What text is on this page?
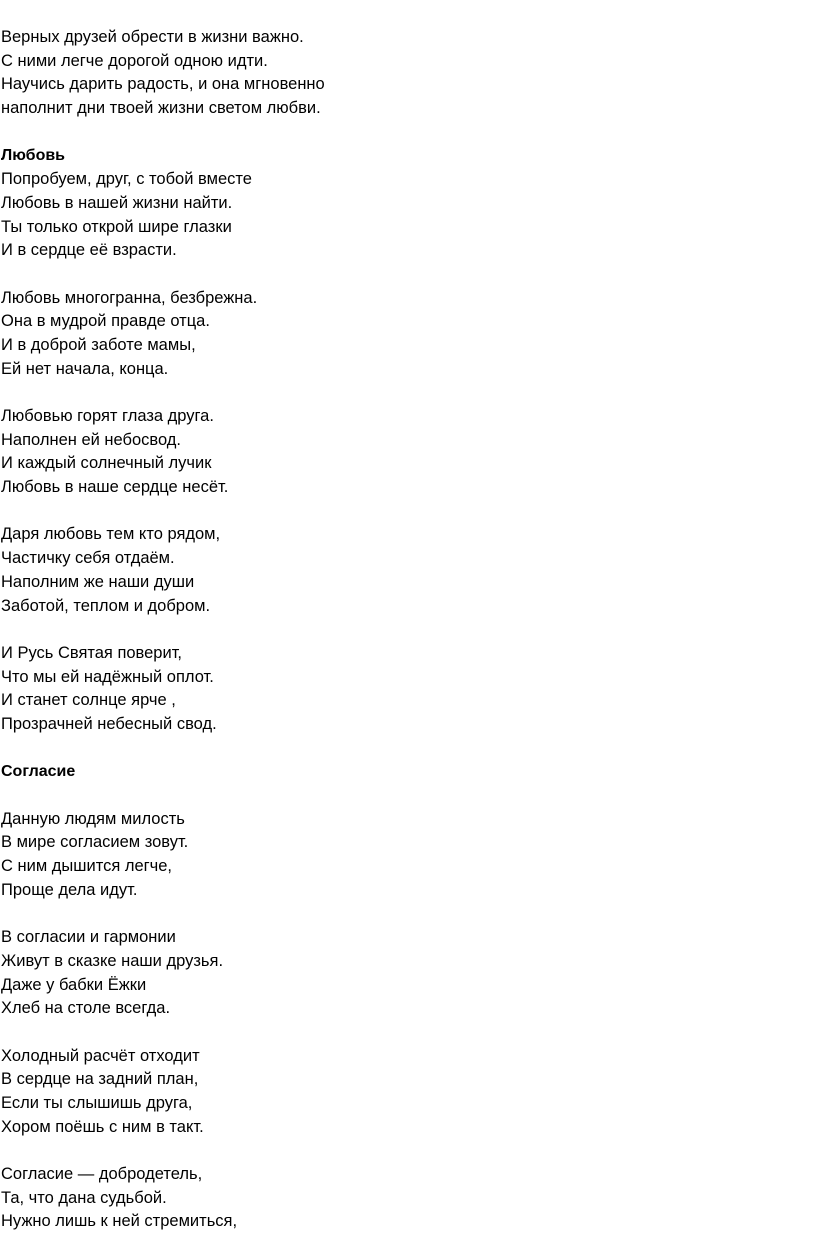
Верных друзей обрести в жизни важно.
С ними легче дорогой одною идти.
Научись дарить радость, и она мгновенно
наполнит дни твоей жизни светом любви.
Любовь
Попробуем, друг, с тобой вместе
Любовь в нашей жизни найти.
Ты только открой шире глазки
И в сердце её взрасти.
Любовь многогранна, безбрежна.
Она в мудрой правде отца.
И в доброй заботе мамы,
Ей нет начала, конца.
Любовью горят глаза друга.
Наполнен ей небосвод.
И каждый солнечный лучик
Любовь в наше сердце несёт.
Даря любовь тем кто рядом,
Частичку себя отдаём.
Наполним же наши души
Заботой, теплом и добром.
И Русь Святая поверит,
Что мы ей надёжный оплот.
И станет солнце ярче ,
Прозрачней небесный свод.
Согласие
Данную людям милость
В мире согласием зовут.
С ним дышится легче,
Проще дела идут.
В согласии и гармонии
Живут в сказке наши друзья.
Даже у бабки Ёжки
Хлеб на столе всегда.
Холодный расчёт отходит
В сердце на задний план,
Если ты слышишь друга,
Хором поёшь с ним в такт.
Согласие — добродетель,
Та, что дана судьбой.
Нужно лишь к ней стремиться,
